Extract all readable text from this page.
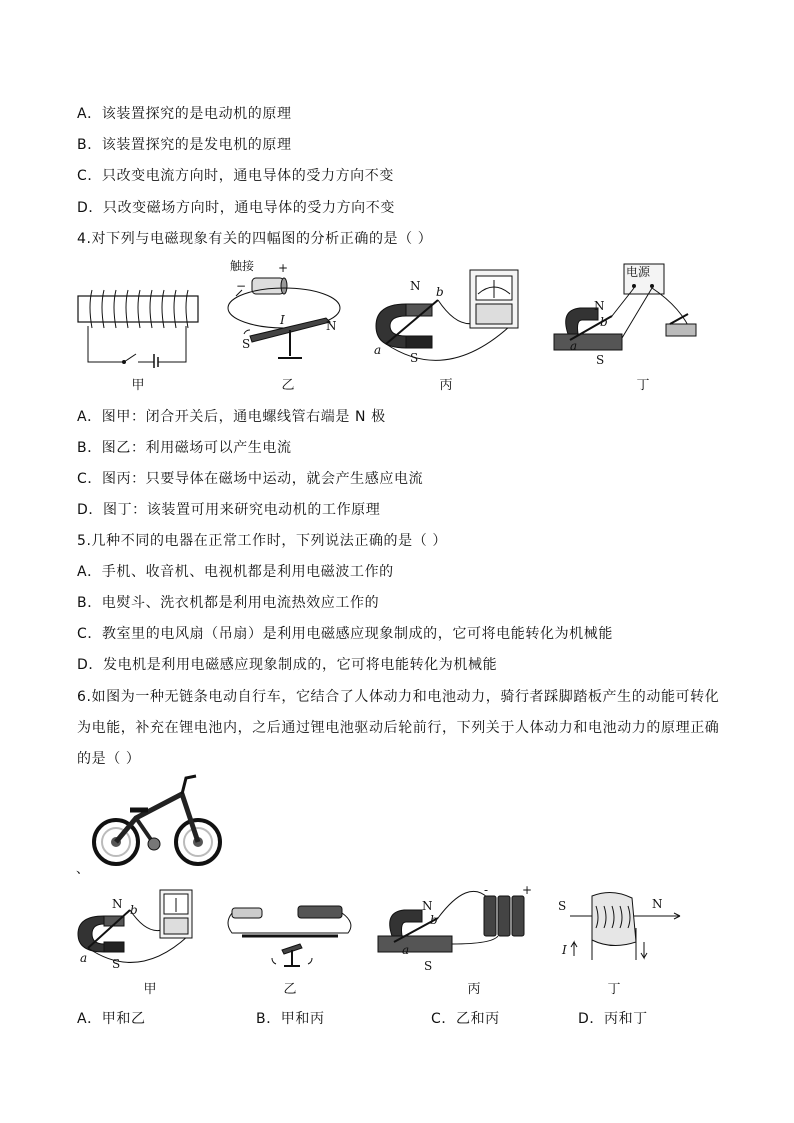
A．该装置探究的是电动机的原理
B．该装置探究的是发电机的原理
C．只改变电流方向时，通电导体的受力方向不变
D．只改变磁场方向时，通电导体的受力方向不变
4.对下列与电磁现象有关的四幅图的分析正确的是（ ）
甲
触接 +
−
I
S
N
乙
N
S
a
b
丙
电源
N
b
a
S
丁
A．图甲：闭合开关后，通电螺线管右端是 N 极
B．图乙：利用磁场可以产生电流
C．图丙：只要导体在磁场中运动，就会产生感应电流
D．图丁：该装置可用来研究电动机的工作原理
5.几种不同的电器在正常工作时，下列说法正确的是（ ）
A．手机、收音机、电视机都是利用电磁波工作的
B．电熨斗、洗衣机都是利用电流热效应工作的
C．教室里的电风扇（吊扇）是利用电磁感应现象制成的，它可将电能转化为机械能
D．发电机是利用电磁感应现象制成的，它可将电能转化为机械能
6.如图为一种无链条电动自行车，它结合了人体动力和电池动力，骑行者踩脚踏板产生的动能可转化
为电能，补充在锂电池内，之后通过锂电池驱动后轮前行，下列关于人体动力和电池动力的原理正确
的是（ ）
、
N
S
a
b
甲	乙
N
b
a
S
-	+
丙
S	N
I
丁
A．甲和乙	B．甲和丙	C．乙和丙	D．丙和丁
